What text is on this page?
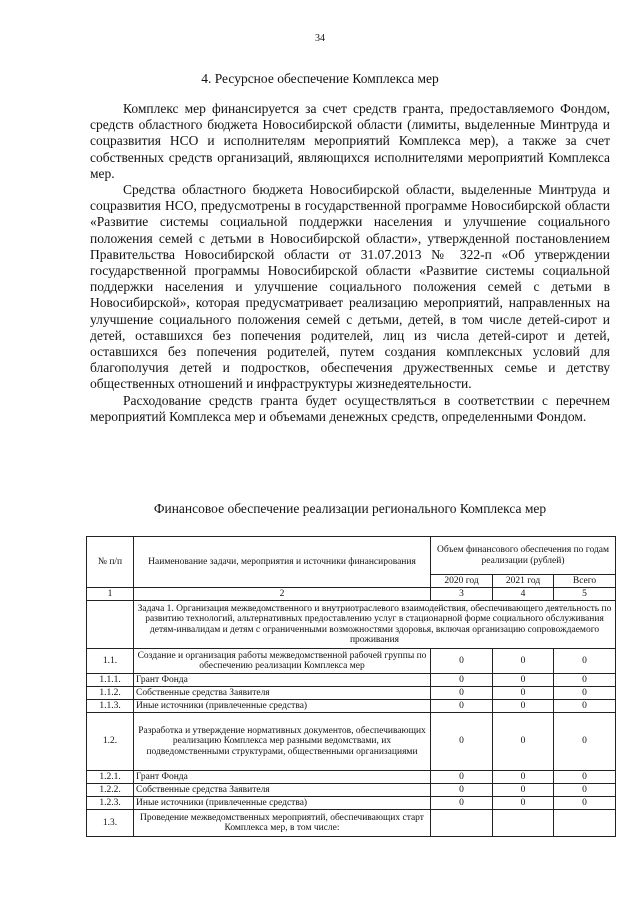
34
4. Ресурсное обеспечение Комплекса мер

Комплекс мер финансируется за счет средств гранта, предоставляемого Фондом, средств областного бюджета Новосибирской области (лимиты, выделенные Минтруда и соцразвития НСО и исполнителям мероприятий Комплекса мер), а также за счет собственных средств организаций, являющихся исполнителями мероприятий Комплекса мер.

Средства областного бюджета Новосибирской области, выделенные Минтруда и соцразвития НСО, предусмотрены в государственной программе Новосибирской области «Развитие системы социальной поддержки населения и улучшение социального положения семей с детьми в Новосибирской области», утвержденной постановлением Правительства Новосибирской области от 31.07.2013 № 322-п «Об утверждении государственной программы Новосибирской области «Развитие системы социальной поддержки населения и улучшение социального положения семей с детьми в Новосибирской», которая предусматривает реализацию мероприятий, направленных на улучшение социального положения семей с детьми, детей, в том числе детей-сирот и детей, оставшихся без попечения родителей, лиц из числа детей-сирот и детей, оставшихся без попечения родителей, путем создания комплексных условий для благополучия детей и подростков, обеспечения дружественных семье и детству общественных отношений и инфраструктуры жизнедеятельности.

Расходование средств гранта будет осуществляться в соответствии с перечнем мероприятий Комплекса мер и объемами денежных средств, определенными Фондом.

Финансовое обеспечение реализации регионального Комплекса мер
№ п/п	Наименование задачи, мероприятия и источники финансирования	Объем финансового обеспечения по годам реализации (рублей)		
		2020 год	2021 год	Всего
1	2	3	4	5
	Задача 1. Организация межведомственного и внутриотраслевого взаимодействия, обеспечивающего деятельность по развитию технологий, альтернативных предоставлению услуг в стационарной форме социального обслуживания детям-инвалидам и детям с ограниченными возможностями здоровья, включая организацию сопровождаемого проживания			
1.1.	Создание и организация работы межведомственной рабочей группы по обеспечению реализации Комплекса мер	0	0	0
1.1.1.	Грант Фонда	0	0	0
1.1.2.	Собственные средства Заявителя	0	0	0
1.1.3.	Иные источники (привлеченные средства)	0	0	0
1.2.	Разработка и утверждение нормативных документов, обеспечивающих реализацию Комплекса мер разными ведомствами, их подведомственными структурами, общественными организациями	0	0	0
1.2.1.	Грант Фонда	0	0	0
1.2.2.	Собственные средства Заявителя	0	0	0
1.2.3.	Иные источники (привлеченные средства)	0	0	0
1.3.	Проведение межведомственных мероприятий, обеспечивающих старт Комплекса мер, в том числе:			
